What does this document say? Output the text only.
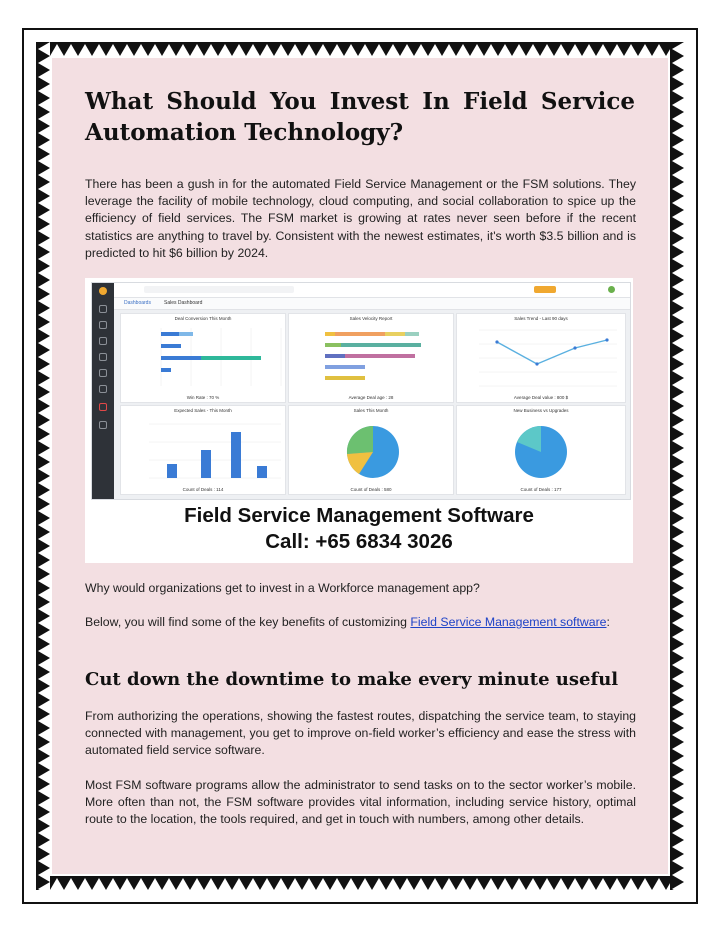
What Should You Invest In Field Service Automation Technology?

There has been a gush in for the automated Field Service Management or the FSM solutions. They leverage the facility of mobile technology, cloud computing, and social collaboration to spice up the efficiency of field services. The FSM market is growing at rates never seen before if the recent statistics are anything to travel by. Consistent with the newest estimates, it's worth $3.5 billion and is predicted to hit $6 billion by 2024.

Dashboards	Sales Dashboard
Deal Conversion This Month
Win Rate : 70 %
Sales Velocity Report
Average Deal age : 28
Sales Trend - Last 90 days
Average Deal value : 800 $
Expected Sales - This Month
Count of Deals : 114
Sales This Month
Count of Deals : 580
New Business vs Upgrades
Count of Deals : 177
Field Service Management Software
Call: +65 6834 3026

Why would organizations get to invest in a Workforce management app?

Below, you will find some of the key benefits of customizing Field Service Management software:

Cut down the downtime to make every minute useful

From authorizing the operations, showing the fastest routes, dispatching the service team, to staying connected with management, you get to improve on-field worker’s efficiency and ease the stress with automated field service software.

Most FSM software programs allow the administrator to send tasks on to the sector worker’s mobile. More often than not, the FSM software provides vital information, including service history, optimal route to the location, the tools required, and get in touch with numbers, among other details.
